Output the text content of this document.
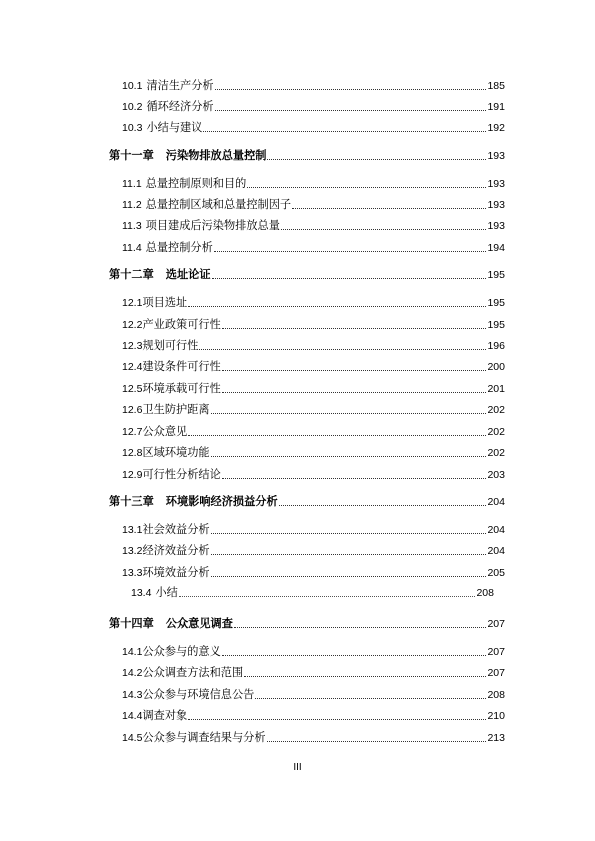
10.1 清洁生产分析	185
10.2 循环经济分析	191
10.3 小结与建议	192
第十一章 污染物排放总量控制	193
11.1 总量控制原则和目的	193
11.2 总量控制区域和总量控制因子	193
11.3 项目建成后污染物排放总量	193
11.4 总量控制分析	194
第十二章 选址论证	195
12.1 项目选址	195
12.2 产业政策可行性	195
12.3 规划可行性	196
12.4 建设条件可行性	200
12.5 环境承载可行性	201
12.6 卫生防护距离	202
12.7 公众意见	202
12.8 区域环境功能	202
12.9 可行性分析结论	203
第十三章 环境影响经济损益分析	204
13.1 社会效益分析	204
13.2 经济效益分析	204
13.3 环境效益分析	205
13.4 小结	208
第十四章 公众意见调查	207
14.1 公众参与的意义	207
14.2 公众调查方法和范围	207
14.3 公众参与环境信息公告	208
14.4 调查对象	210
14.5 公众参与调查结果与分析	213
III
